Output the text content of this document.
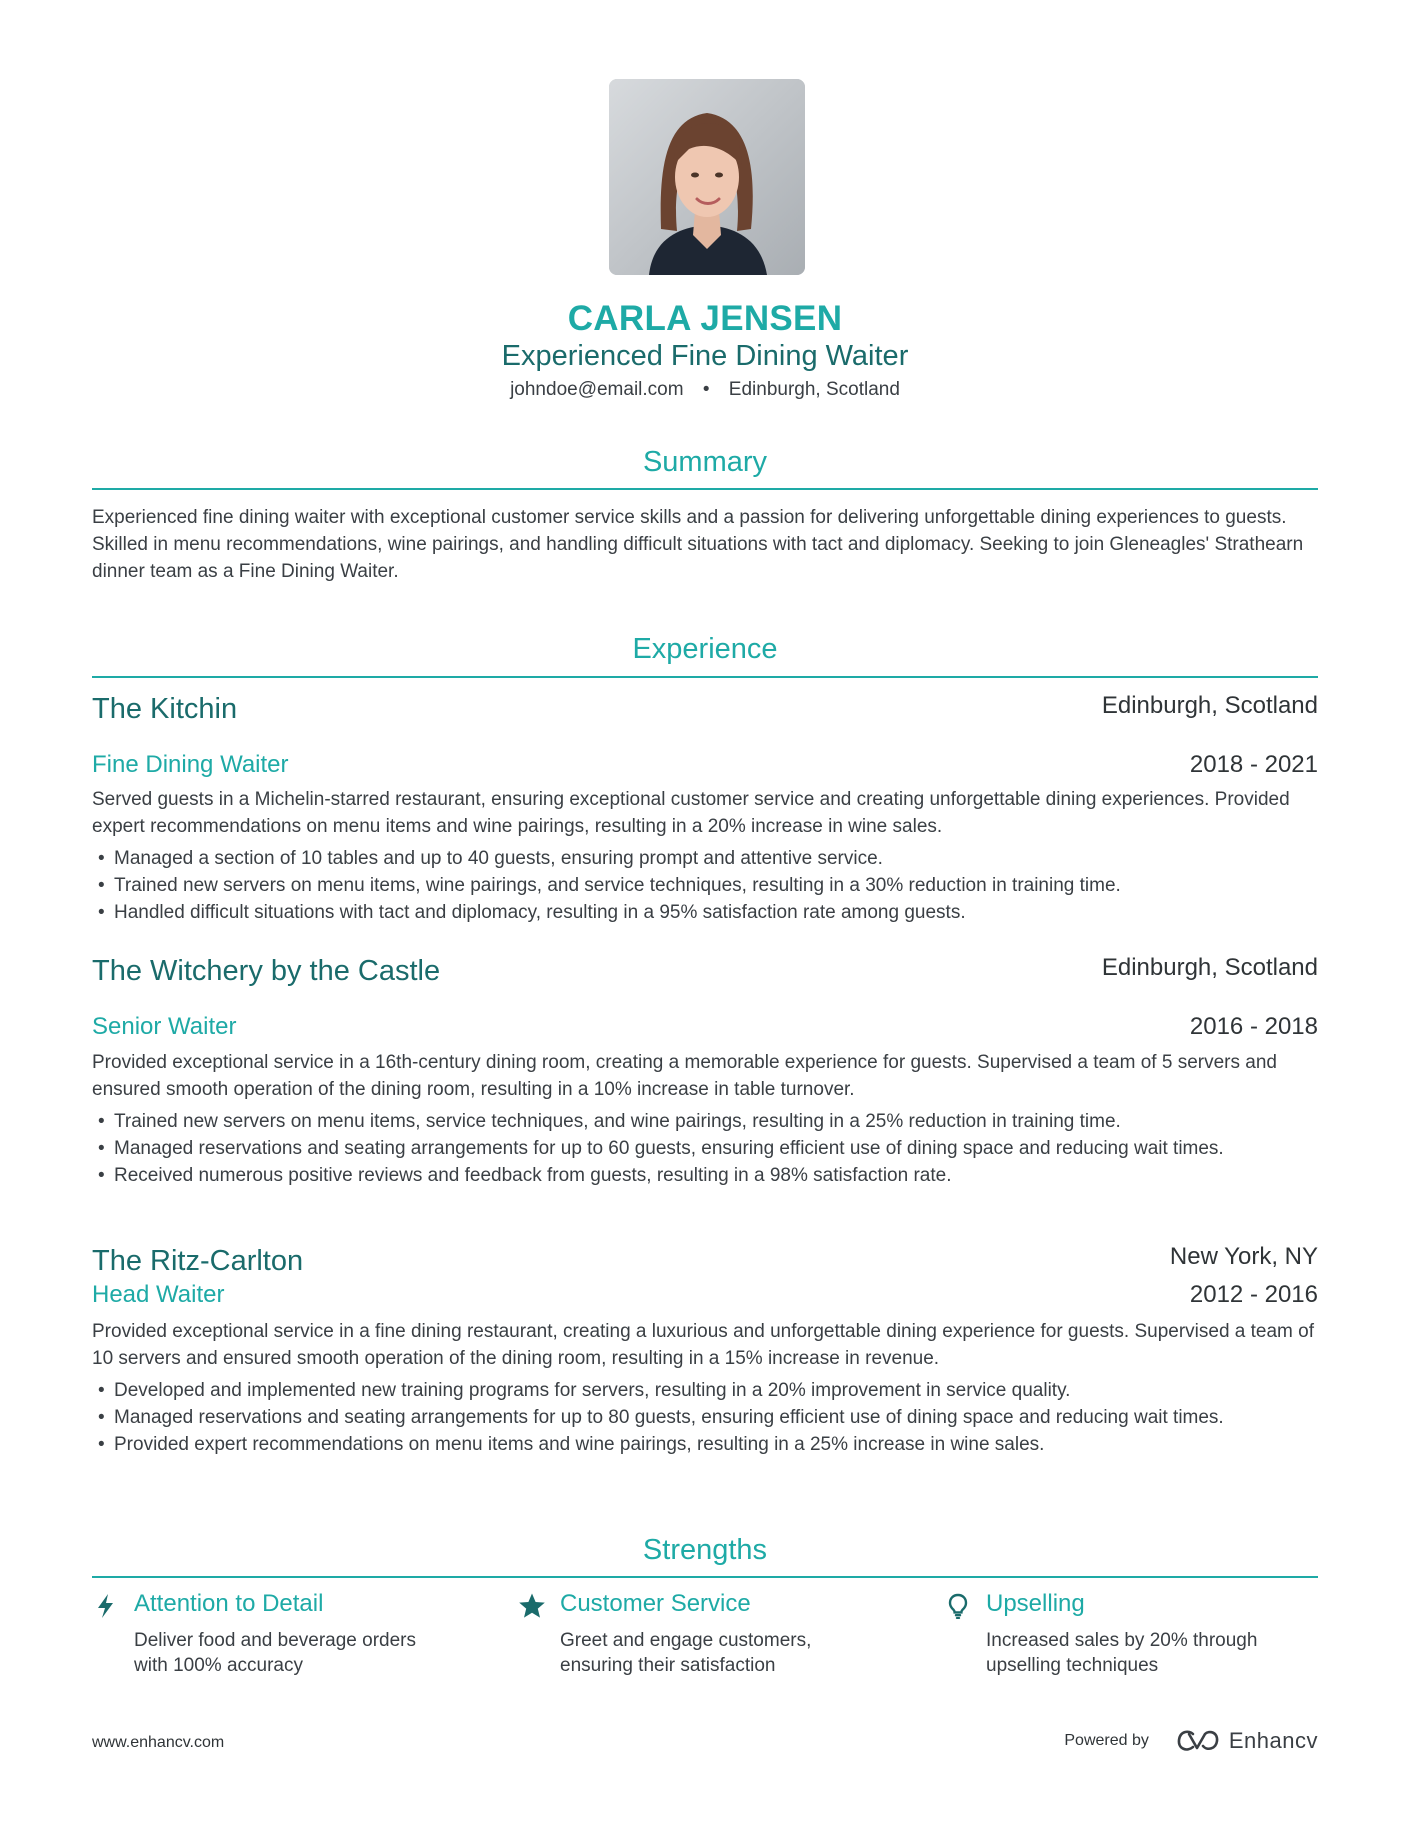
CARLA JENSEN
Experienced Fine Dining Waiter
johndoe@email.com • Edinburgh, Scotland
Summary
Experienced fine dining waiter with exceptional customer service skills and a passion for delivering unforgettable dining experiences to guests. Skilled in menu recommendations, wine pairings, and handling difficult situations with tact and diplomacy. Seeking to join Gleneagles' Strathearn dinner team as a Fine Dining Waiter.
Experience
The Kitchin	Edinburgh, Scotland
Fine Dining Waiter	2018 - 2021
Served guests in a Michelin-starred restaurant, ensuring exceptional customer service and creating unforgettable dining experiences. Provided expert recommendations on menu items and wine pairings, resulting in a 20% increase in wine sales.
• Managed a section of 10 tables and up to 40 guests, ensuring prompt and attentive service.
• Trained new servers on menu items, wine pairings, and service techniques, resulting in a 30% reduction in training time.
• Handled difficult situations with tact and diplomacy, resulting in a 95% satisfaction rate among guests.
The Witchery by the Castle	Edinburgh, Scotland
Senior Waiter	2016 - 2018
Provided exceptional service in a 16th-century dining room, creating a memorable experience for guests. Supervised a team of 5 servers and ensured smooth operation of the dining room, resulting in a 10% increase in table turnover.
• Trained new servers on menu items, service techniques, and wine pairings, resulting in a 25% reduction in training time.
• Managed reservations and seating arrangements for up to 60 guests, ensuring efficient use of dining space and reducing wait times.
• Received numerous positive reviews and feedback from guests, resulting in a 98% satisfaction rate.
The Ritz-Carlton	New York, NY
Head Waiter	2012 - 2016
Provided exceptional service in a fine dining restaurant, creating a luxurious and unforgettable dining experience for guests. Supervised a team of 10 servers and ensured smooth operation of the dining room, resulting in a 15% increase in revenue.
• Developed and implemented new training programs for servers, resulting in a 20% improvement in service quality.
• Managed reservations and seating arrangements for up to 80 guests, ensuring efficient use of dining space and reducing wait times.
• Provided expert recommendations on menu items and wine pairings, resulting in a 25% increase in wine sales.
Strengths
Attention to Detail
Deliver food and beverage orders with 100% accuracy
Customer Service
Greet and engage customers, ensuring their satisfaction
Upselling
Increased sales by 20% through upselling techniques
www.enhancv.com	Powered by	Enhancv
